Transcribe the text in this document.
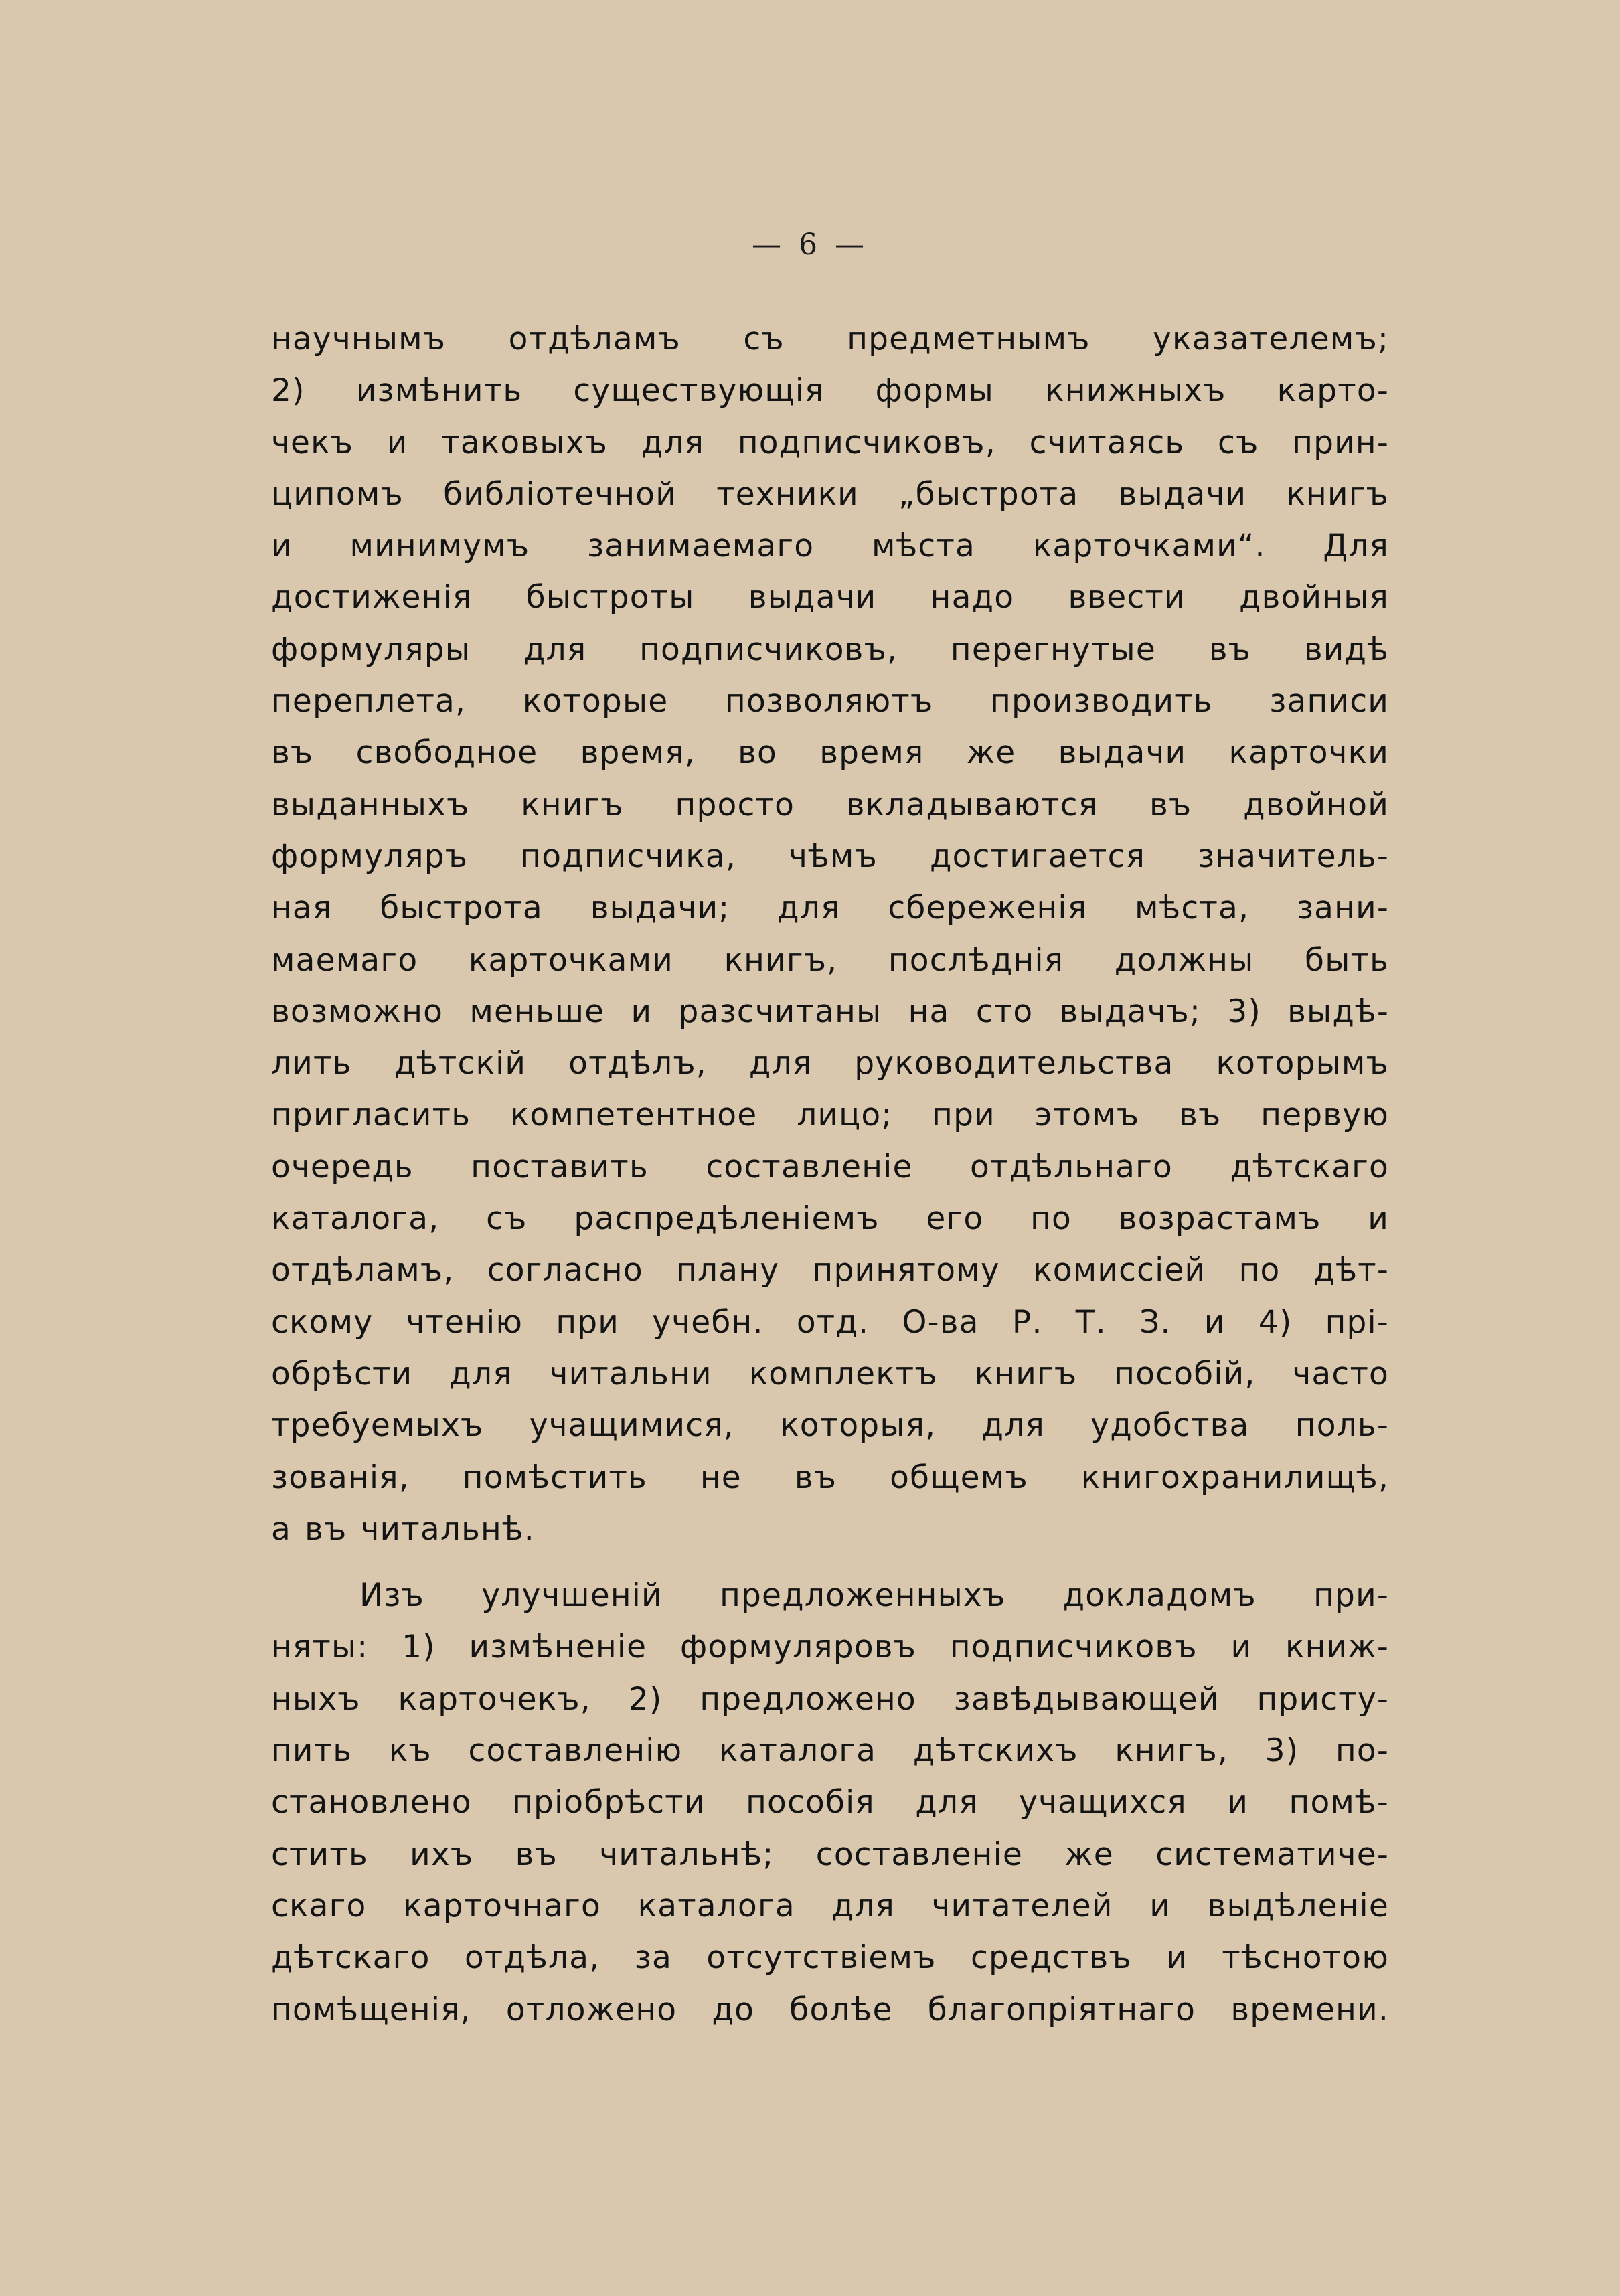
— 6 —
научнымъ отдѣламъ съ предметнымъ указателемъ;
2) измѣнить существующія формы книжныхъ карто-
чекъ и таковыхъ для подписчиковъ, считаясь съ прин-
ципомъ библіотечной техники „быстрота выдачи книгъ
и минимумъ занимаемаго мѣста карточками“. Для
достиженія быстроты выдачи надо ввести двойныя
формуляры для подписчиковъ, перегнутые въ видѣ
переплета, которые позволяютъ производить записи
въ свободное время, во время же выдачи карточки
выданныхъ книгъ просто вкладываются въ двойной
формуляръ подписчика, чѣмъ достигается значитель-
ная быстрота выдачи; для сбереженія мѣста, зани-
маемаго карточками книгъ, послѣднія должны быть
возможно меньше и разсчитаны на сто выдачъ; 3) выдѣ-
лить дѣтскій отдѣлъ, для руководительства которымъ
пригласить компетентное лицо; при этомъ въ первую
очередь поставить составленіе отдѣльнаго дѣтскаго
каталога, съ распредѣленіемъ его по возрастамъ и
отдѣламъ, согласно плану принятому комиссіей по дѣт-
скому чтенію при учебн. отд. О-ва Р. Т. З. и 4) прі-
обрѣсти для читальни комплектъ книгъ пособій, часто
требуемыхъ учащимися, которыя, для удобства поль-
зованія, помѣстить не въ общемъ книгохранилищѣ,
а въ читальнѣ.
Изъ улучшеній предложенныхъ докладомъ при-
няты: 1) измѣненіе формуляровъ подписчиковъ и книж-
ныхъ карточекъ, 2) предложено завѣдывающей присту-
пить къ составленію каталога дѣтскихъ книгъ, 3) по-
становлено пріобрѣсти пособія для учащихся и помѣ-
стить ихъ въ читальнѣ; составленіе же систематиче-
скаго карточнаго каталога для читателей и выдѣленіе
дѣтскаго отдѣла, за отсутствіемъ средствъ и тѣснотою
помѣщенія, отложено до болѣе благопріятнаго времени.
